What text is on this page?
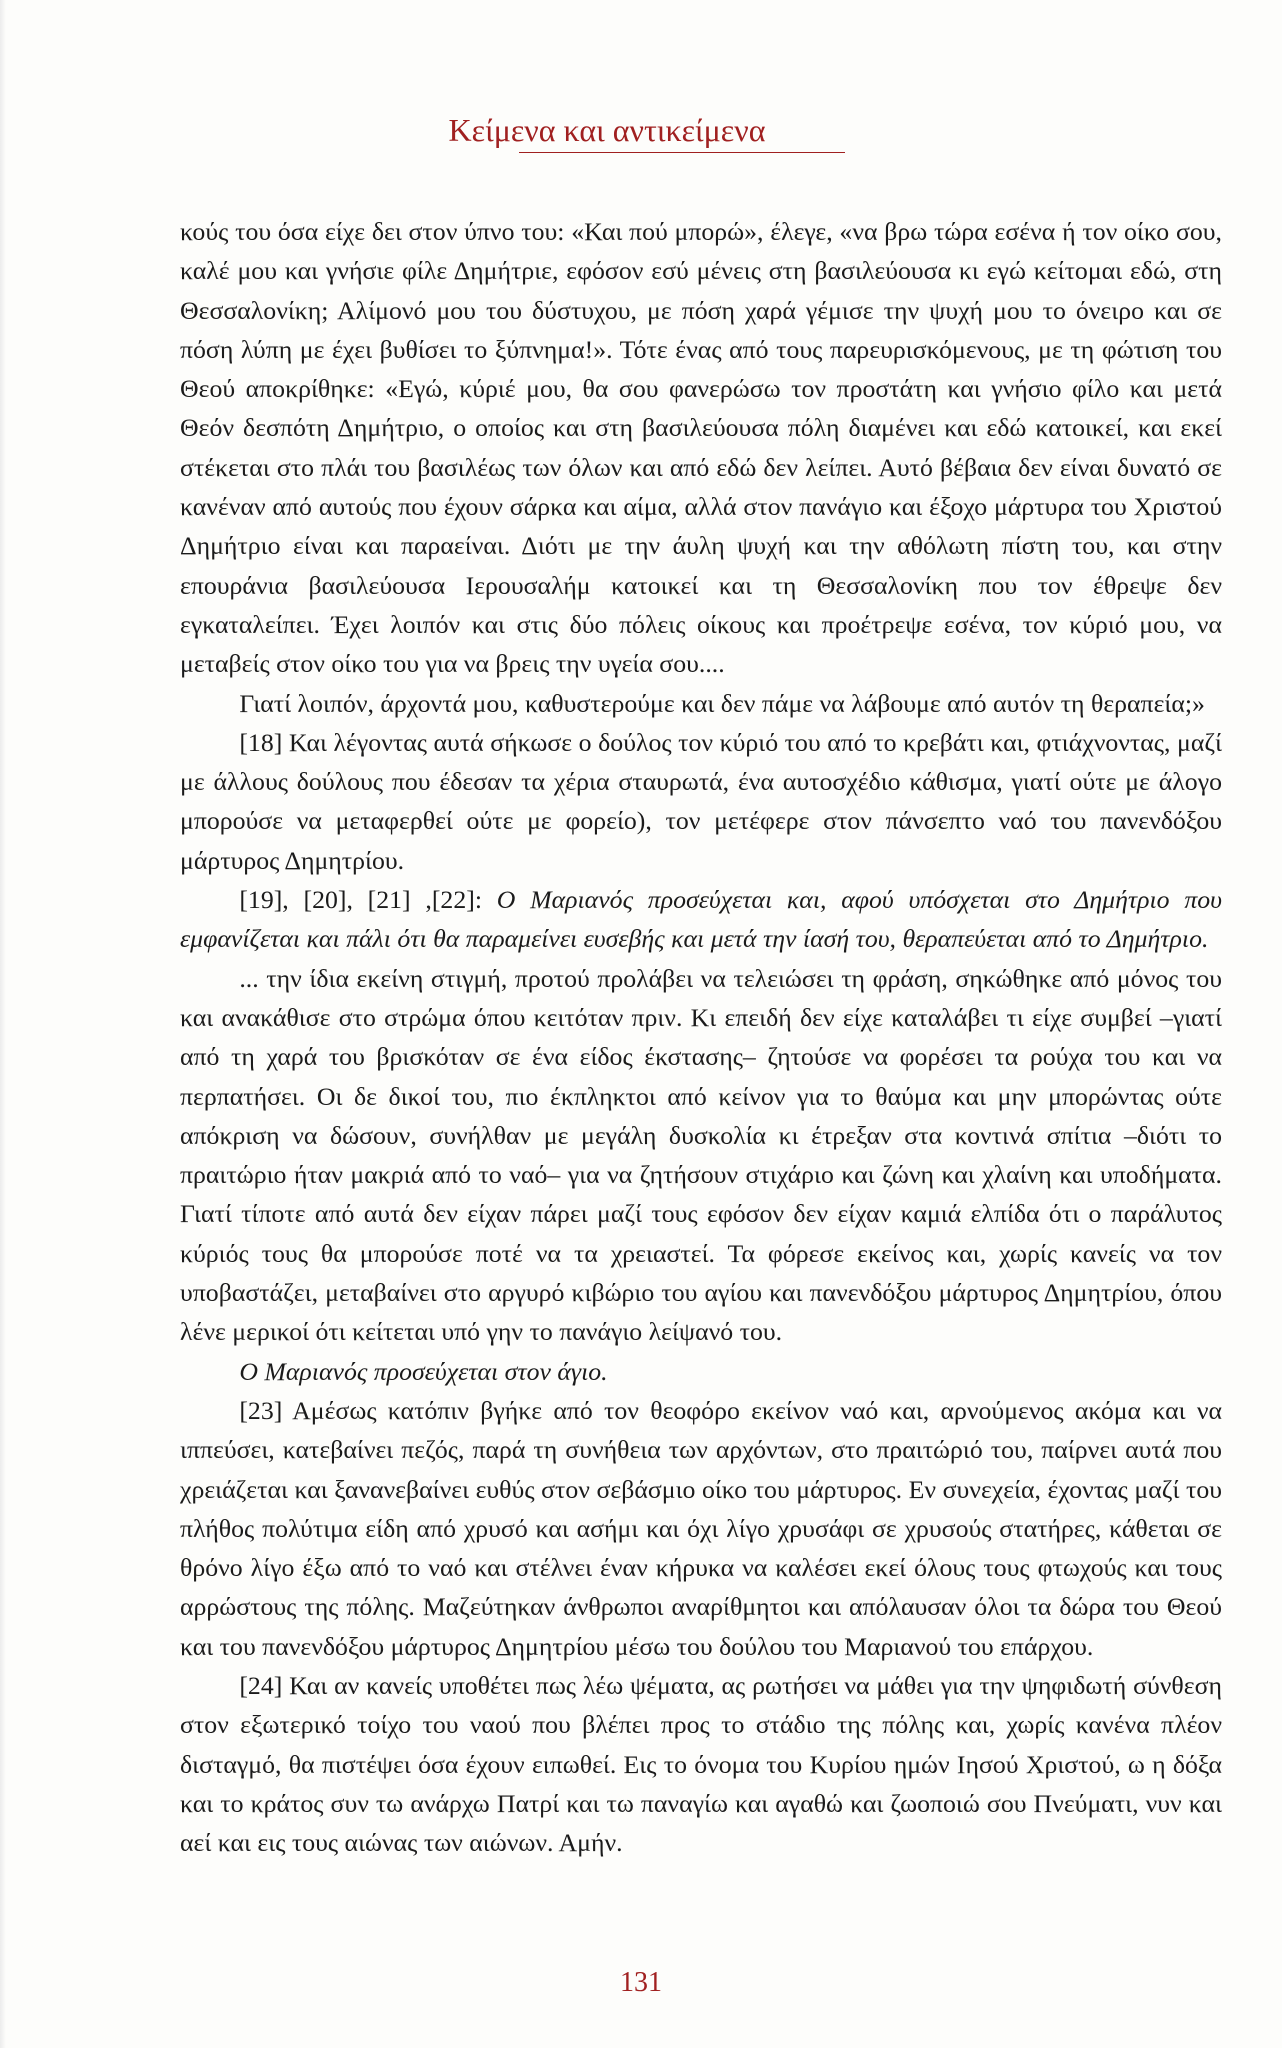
Κείμενα και αντικείμενα

κούς του όσα είχε δει στον ύπνο του: «Και πού μπορώ», έλεγε, «να βρω τώρα εσένα ή τον οίκο σου, καλέ μου και γνήσιε φίλε Δημήτριε, εφόσον εσύ μένεις στη βασιλεύουσα κι εγώ κείτομαι εδώ, στη Θεσσαλονίκη; Αλίμονό μου του δύστυχου, με πόση χαρά γέμισε την ψυχή μου το όνειρο και σε πόση λύπη με έχει βυθίσει το ξύπνημα!». Τότε ένας από τους παρευρισκόμενους, με τη φώτιση του Θεού αποκρίθηκε: «Εγώ, κύριέ μου, θα σου φανερώσω τον προστάτη και γνήσιο φίλο και μετά Θεόν δεσπότη Δημήτριο, ο οποίος και στη βασιλεύουσα πόλη διαμένει και εδώ κατοικεί, και εκεί στέκεται στο πλάι του βασιλέως των όλων και από εδώ δεν λείπει. Αυτό βέβαια δεν είναι δυνατό σε κανέναν από αυτούς που έχουν σάρκα και αίμα, αλλά στον πανάγιο και έξοχο μάρτυρα του Χριστού Δημήτριο είναι και παραείναι. Διότι με την άυλη ψυχή και την αθόλωτη πίστη του, και στην επουράνια βασιλεύουσα Ιερουσαλήμ κατοικεί και τη Θεσσαλονίκη που τον έθρεψε δεν εγκαταλείπει. Έχει λοιπόν και στις δύο πόλεις οίκους και προέτρεψε εσένα, τον κύριό μου, να μεταβείς στον οίκο του για να βρεις την υγεία σου....

Γιατί λοιπόν, άρχοντά μου, καθυστερούμε και δεν πάμε να λάβουμε από αυτόν τη θεραπεία;»

[18] Και λέγοντας αυτά σήκωσε ο δούλος τον κύριό του από το κρεβάτι και, φτιάχνοντας, μαζί με άλλους δούλους που έδεσαν τα χέρια σταυρωτά, ένα αυτοσχέδιο κάθισμα, γιατί ούτε με άλογο μπορούσε να μεταφερθεί ούτε με φορείο), τον μετέφερε στον πάνσεπτο ναό του πανενδόξου μάρτυρος Δημητρίου.

[19], [20], [21] ,[22]: Ο Μαριανός προσεύχεται και, αφού υπόσχεται στο Δημήτριο που εμφανίζεται και πάλι ότι θα παραμείνει ευσεβής και μετά την ίασή του, θεραπεύεται από το Δημήτριο.

... την ίδια εκείνη στιγμή, προτού προλάβει να τελειώσει τη φράση, σηκώθηκε από μόνος του και ανακάθισε στο στρώμα όπου κειτόταν πριν. Κι επειδή δεν είχε καταλάβει τι είχε συμβεί –γιατί από τη χαρά του βρισκόταν σε ένα είδος έκστασης– ζητούσε να φορέσει τα ρούχα του και να περπατήσει. Οι δε δικοί του, πιο έκπληκτοι από κείνον για το θαύμα και μην μπορώντας ούτε απόκριση να δώσουν, συνήλθαν με μεγάλη δυσκολία κι έτρεξαν στα κοντινά σπίτια –διότι το πραιτώριο ήταν μακριά από το ναό– για να ζητήσουν στιχάριο και ζώνη και χλαίνη και υποδήματα. Γιατί τίποτε από αυτά δεν είχαν πάρει μαζί τους εφόσον δεν είχαν καμιά ελπίδα ότι ο παράλυτος κύριός τους θα μπορούσε ποτέ να τα χρειαστεί. Τα φόρεσε εκείνος και, χωρίς κανείς να τον υποβαστάζει, μεταβαίνει στο αργυρό κιβώριο του αγίου και πανενδόξου μάρτυρος Δημητρίου, όπου λένε μερικοί ότι κείτεται υπό γην το πανάγιο λείψανό του.

Ο Μαριανός προσεύχεται στον άγιο.

[23] Αμέσως κατόπιν βγήκε από τον θεοφόρο εκείνον ναό και, αρνούμενος ακόμα και να ιππεύσει, κατεβαίνει πεζός, παρά τη συνήθεια των αρχόντων, στο πραιτώριό του, παίρνει αυτά που χρειάζεται και ξανανεβαίνει ευθύς στον σεβάσμιο οίκο του μάρτυρος. Εν συνεχεία, έχοντας μαζί του πλήθος πολύτιμα είδη από χρυσό και ασήμι και όχι λίγο χρυσάφι σε χρυσούς στατήρες, κάθεται σε θρόνο λίγο έξω από το ναό και στέλνει έναν κήρυκα να καλέσει εκεί όλους τους φτωχούς και τους αρρώστους της πόλης. Μαζεύτηκαν άνθρωποι αναρίθμητοι και απόλαυσαν όλοι τα δώρα του Θεού και του πανενδόξου μάρτυρος Δημητρίου μέσω του δούλου του Μαριανού του επάρχου.

[24] Και αν κανείς υποθέτει πως λέω ψέματα, ας ρωτήσει να μάθει για την ψηφιδωτή σύνθεση στον εξωτερικό τοίχο του ναού που βλέπει προς το στάδιο της πόλης και, χωρίς κανένα πλέον δισταγμό, θα πιστέψει όσα έχουν ειπωθεί. Εις το όνομα του Κυρίου ημών Ιησού Χριστού, ω η δόξα και το κράτος συν τω ανάρχω Πατρί και τω παναγίω και αγαθώ και ζωοποιώ σου Πνεύματι, νυν και αεί και εις τους αιώνας των αιώνων. Αμήν.

131
